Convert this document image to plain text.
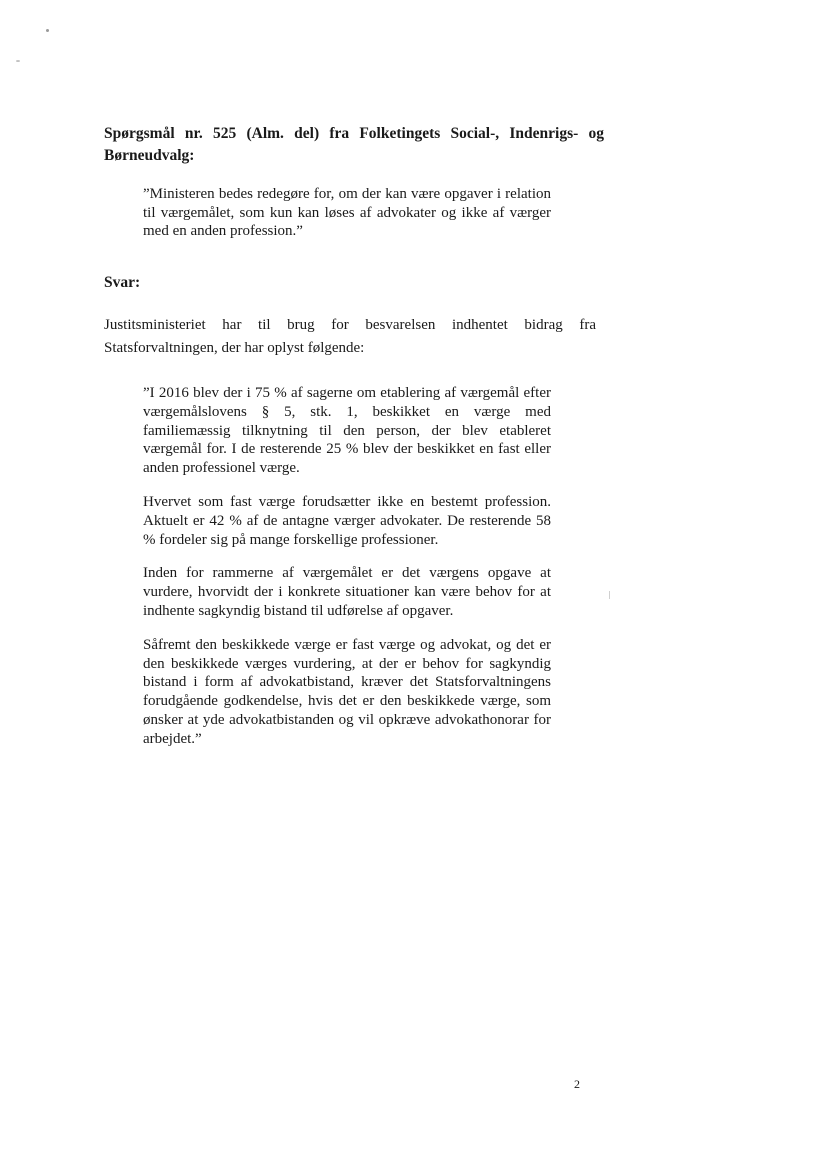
Spørgsmål nr. 525 (Alm. del) fra Folketingets Social-, Indenrigs- og Børneudvalg:

”Ministeren bedes redegøre for, om der kan være opgaver i relation til værgemålet, som kun kan løses af advokater og ikke af værger med en anden profession.”

Svar:

Justitsministeriet har til brug for besvarelsen indhentet bidrag fra Statsforvaltningen, der har oplyst følgende:

”I 2016 blev der i 75 % af sagerne om etablering af værgemål efter værgemålslovens § 5, stk. 1, beskikket en værge med familiemæssig tilknytning til den person, der blev etableret værgemål for. I de resterende 25 % blev der beskikket en fast eller anden professionel værge.

Hvervet som fast værge forudsætter ikke en bestemt profession. Aktuelt er 42 % af de antagne værger advokater. De resterende 58 % fordeler sig på mange forskellige professioner.

Inden for rammerne af værgemålet er det værgens opgave at vurdere, hvorvidt der i konkrete situationer kan være behov for at indhente sagkyndig bistand til udførelse af opgaver.

Såfremt den beskikkede værge er fast værge og advokat, og det er den beskikkede værges vurdering, at der er behov for sagkyndig bistand i form af advokatbistand, kræver det Statsforvaltningens forudgående godkendelse, hvis det er den beskikkede værge, som ønsker at yde advokatbistanden og vil opkræve advokathonorar for arbejdet.”

2
